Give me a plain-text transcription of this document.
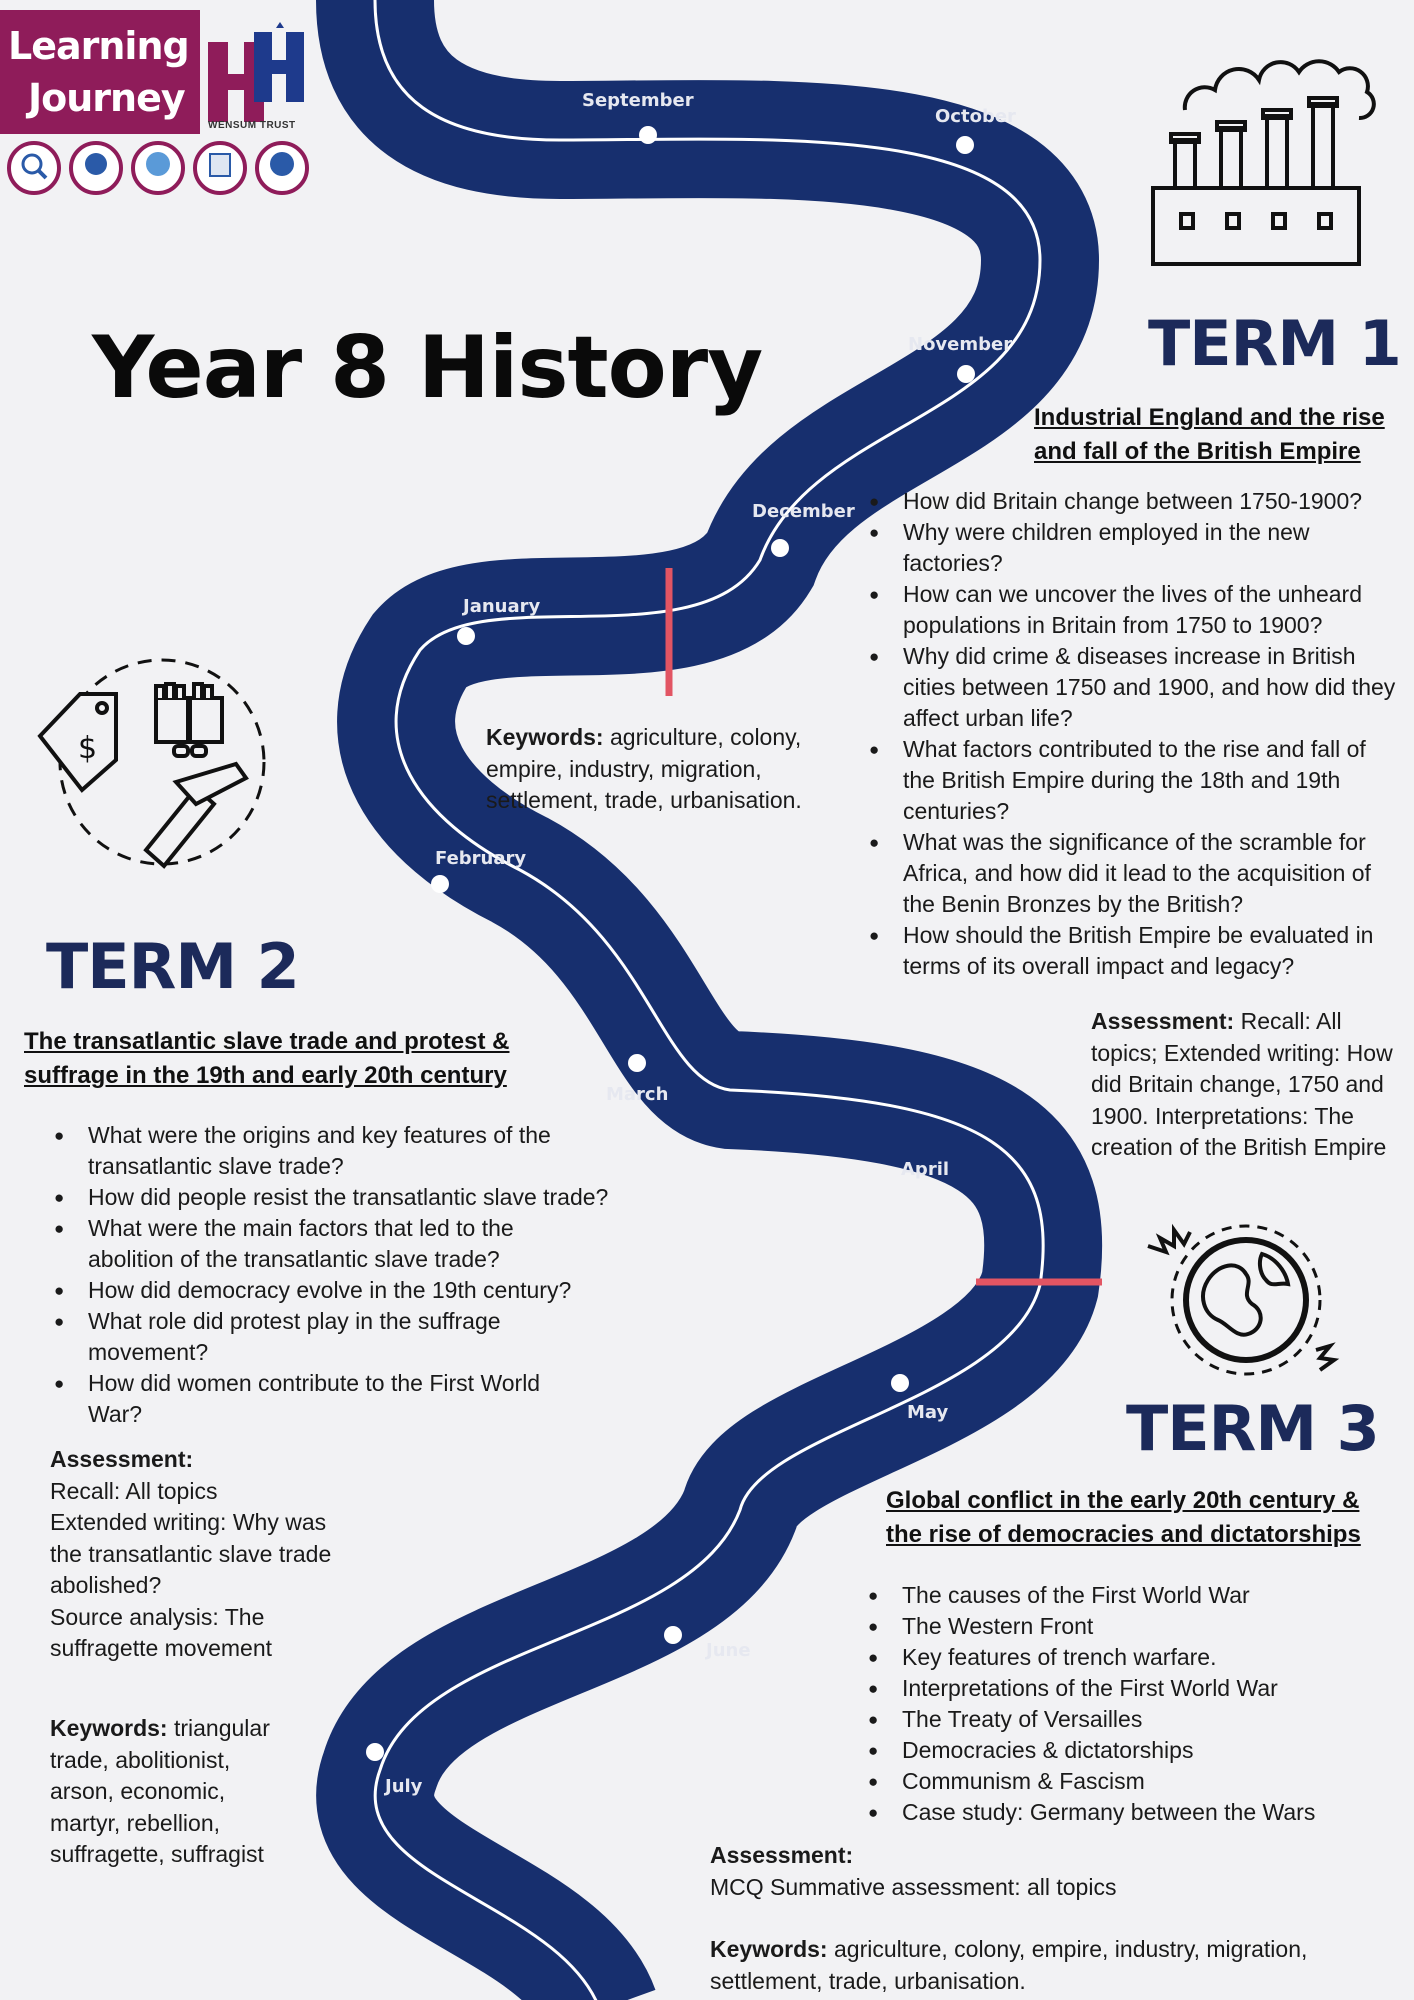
September
October
November
December
January
February
March
April
May
June
July
Learning
Journey
WENSUM TRUST
Year 8 History	TERM 1
Industrial England and the rise
and fall of the British Empire
● How did Britain change between 1750-1900?
● Why were children employed in the new factories?
● How can we uncover the lives of the unheard populations in Britain from 1750 to 1900?
● Why did crime & diseases increase in British cities between 1750 and 1900, and how did they affect urban life?
● What factors contributed to the rise and fall of the British Empire during the 18th and 19th centuries?
● What was the significance of the scramble for Africa, and how did it lead to the acquisition of the Benin Bronzes by the British?
● How should the British Empire be evaluated in terms of its overall impact and legacy?
Keywords: agriculture, colony, empire, industry, migration, settlement, trade, urbanisation.
Assessment: Recall: All topics; Extended writing: How did Britain change, 1750 and 1900. Interpretations: The creation of the British Empire
$
TERM 2
The transatlantic slave trade and protest &
suffrage in the 19th and early 20th century
● What were the origins and key features of the transatlantic slave trade?
● How did people resist the transatlantic slave trade?
● What were the main factors that led to the abolition of the transatlantic slave trade?
● How did democracy evolve in the 19th century?
● What role did protest play in the suffrage movement?
● How did women contribute to the First World War?
Assessment:
Recall: All topics
Extended writing: Why was
the transatlantic slave trade
abolished?
Source analysis: The
suffragette movement
Keywords: triangular trade, abolitionist, arson, economic, martyr, rebellion, suffragette, suffragist
TERM 3
Global conflict in the early 20th century &
the rise of democracies and dictatorships
● The causes of the First World War
● The Western Front
● Key features of trench warfare.
● Interpretations of the First World War
● The Treaty of Versailles
● Democracies & dictatorships
● Communism & Fascism
● Case study: Germany between the Wars
Assessment:
MCQ Summative assessment: all topics
Keywords: agriculture, colony, empire, industry, migration, settlement, trade, urbanisation.
